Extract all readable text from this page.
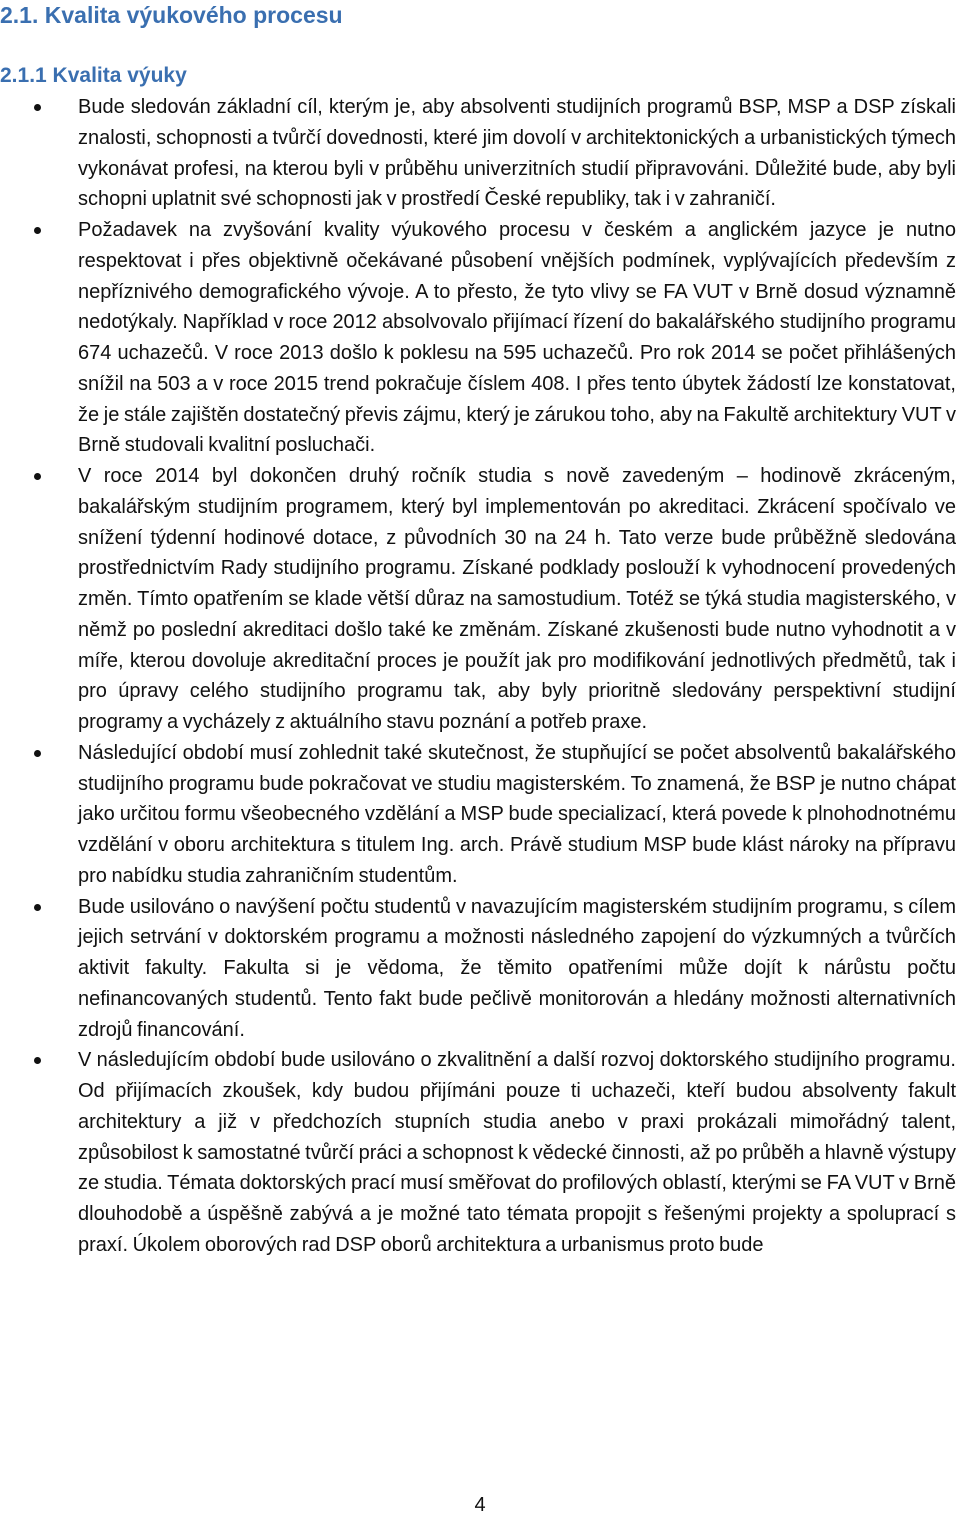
2.1. Kvalita výukového procesu
2.1.1 Kvalita výuky
Bude sledován základní cíl, kterým je, aby absolventi studijních programů BSP, MSP a DSP získali znalosti, schopnosti a tvůrčí dovednosti, které jim dovolí v architektonických a urbanistických týmech vykonávat profesi, na kterou byli v průběhu univerzitních studií připravováni. Důležité bude, aby byli schopni uplatnit své schopnosti jak v prostředí České republiky, tak i v zahraničí.
Požadavek na zvyšování kvality výukového procesu v českém a anglickém jazyce je nutno respektovat i přes objektivně očekávané působení vnějších podmínek, vyplývajících především z nepříznivého demografického vývoje. A to přesto, že tyto vlivy se FA VUT v Brně dosud významně nedotýkaly. Například v roce 2012 absolvovalo přijímací řízení do bakalářského studijního programu 674 uchazečů. V roce 2013 došlo k poklesu na 595 uchazečů. Pro rok 2014 se počet přihlášených snížil na 503 a v roce 2015 trend pokračuje číslem 408. I přes tento úbytek žádostí lze konstatovat, že je stále zajištěn dostatečný převis zájmu, který je zárukou toho, aby na Fakultě architektury VUT v Brně studovali kvalitní posluchači.
V roce 2014 byl dokončen druhý ročník studia s nově zavedeným – hodinově zkráceným, bakalářským studijním programem, který byl implementován po akreditaci. Zkrácení spočívalo ve snížení týdenní hodinové dotace, z původních 30 na 24 h. Tato verze bude průběžně sledována prostřednictvím Rady studijního programu. Získané podklady poslouží k vyhodnocení provedených změn. Tímto opatřením se klade větší důraz na samostudium. Totéž se týká studia magisterského, v němž po poslední akreditaci došlo také ke změnám. Získané zkušenosti bude nutno vyhodnotit a v míře, kterou dovoluje akreditační proces je použít jak pro modifikování jednotlivých předmětů, tak i pro úpravy celého studijního programu tak, aby byly prioritně sledovány perspektivní studijní programy a vycházely z aktuálního stavu poznání a potřeb praxe.
Následující období musí zohlednit také skutečnost, že stupňující se počet absolventů bakalářského studijního programu bude pokračovat ve studiu magisterském. To znamená, že BSP je nutno chápat jako určitou formu všeobecného vzdělání a MSP bude specializací, která povede k plnohodnotnému vzdělání v oboru architektura s titulem Ing. arch. Právě studium MSP bude klást nároky na přípravu pro nabídku studia zahraničním studentům.
Bude usilováno o navýšení počtu studentů v navazujícím magisterském studijním programu, s cílem jejich setrvání v doktorském programu a možnosti následného zapojení do výzkumných a tvůrčích aktivit fakulty. Fakulta si je vědoma, že těmito opatřeními může dojít k nárůstu počtu nefinancovaných studentů. Tento fakt bude pečlivě monitorován a hledány možnosti alternativních zdrojů financování.
V následujícím období bude usilováno o zkvalitnění a další rozvoj doktorského studijního programu. Od přijímacích zkoušek, kdy budou přijímáni pouze ti uchazeči, kteří budou absolventy fakult architektury a již v předchozích stupních studia anebo v praxi prokázali mimořádný talent, způsobilost k samostatné tvůrčí práci a schopnost k vědecké činnosti, až po průběh a hlavně výstupy ze studia. Témata doktorských prací musí směřovat do profilových oblastí, kterými se FA VUT v Brně dlouhodobě a úspěšně zabývá a je možné tato témata propojit s řešenými projekty a spoluprací s praxí. Úkolem oborových rad DSP oborů architektura a urbanismus proto bude
4
